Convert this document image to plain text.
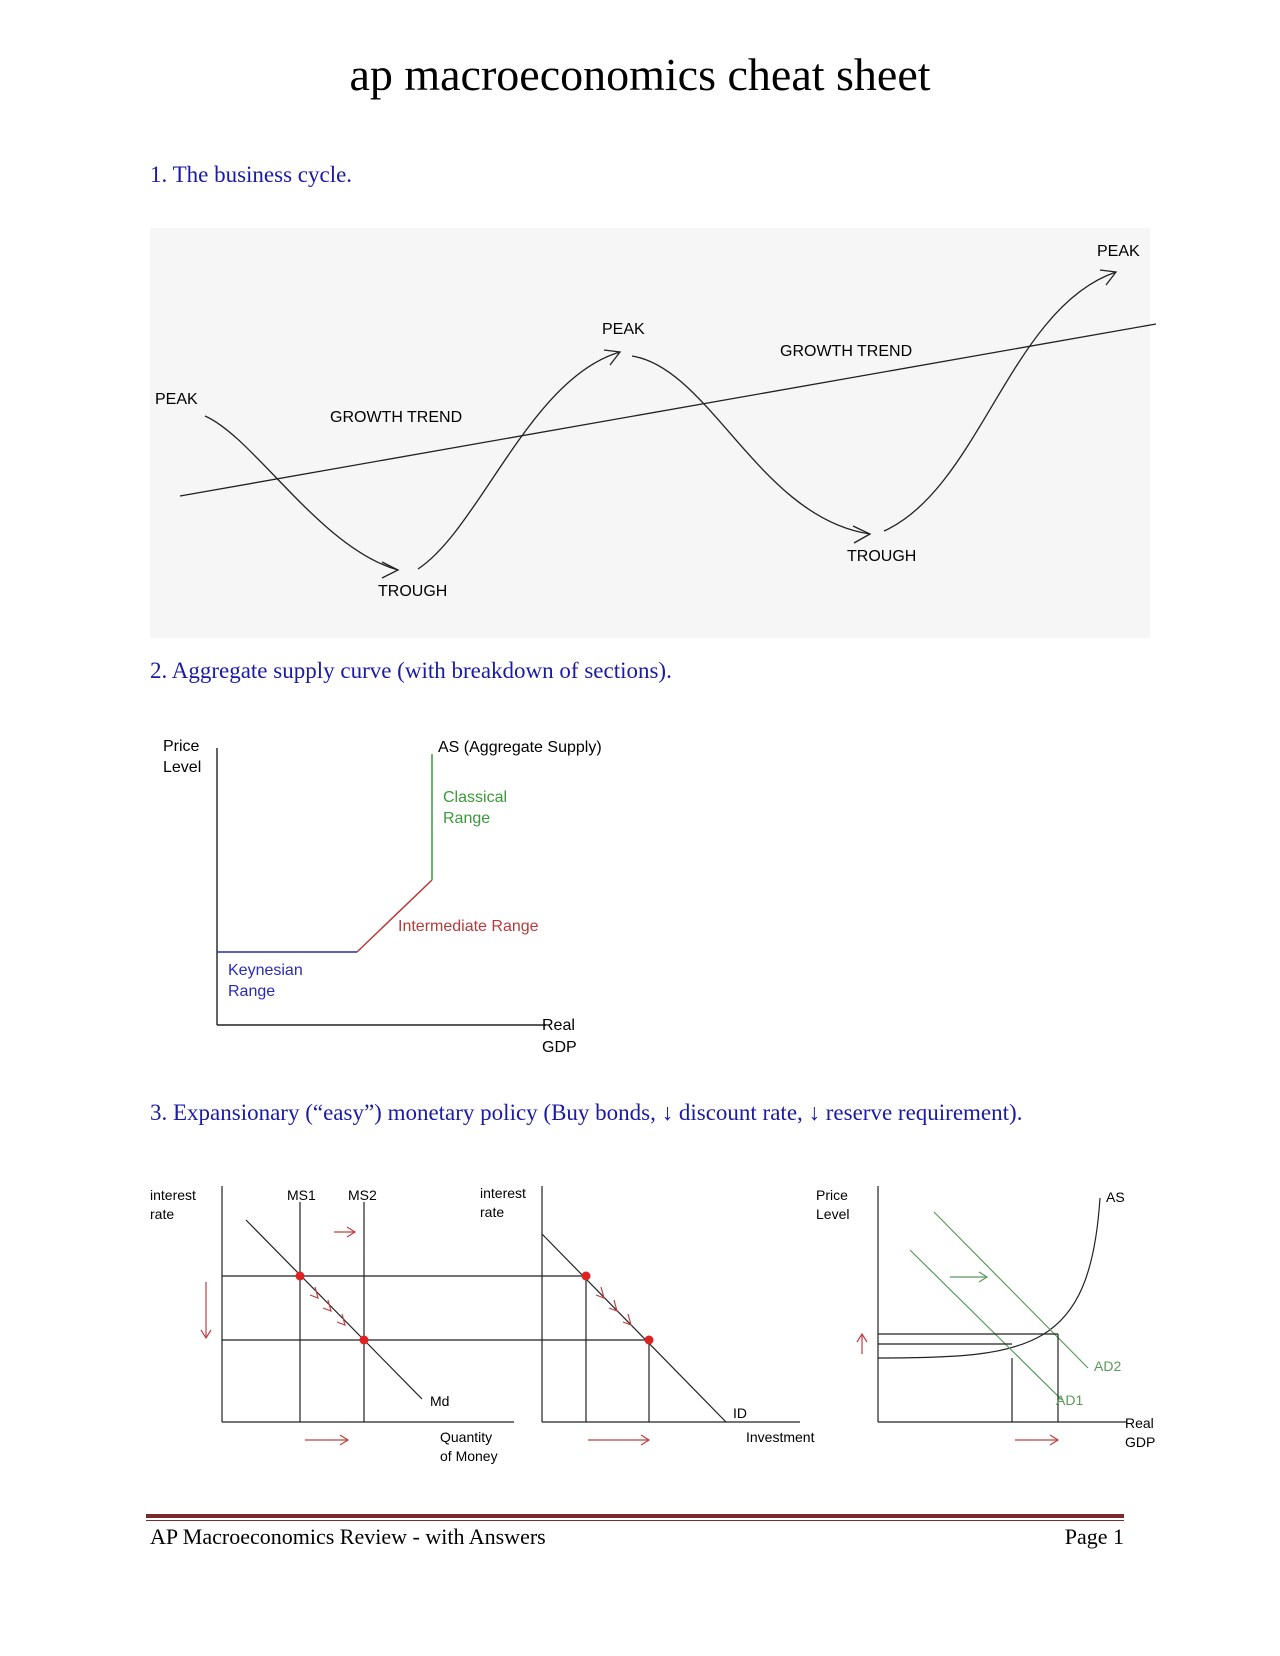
ap macroeconomics cheat sheet
1. The business cycle.
PEAK
PEAK
PEAK
TROUGH
TROUGH
GROWTH TREND
GROWTH TREND
2. Aggregate supply curve (with breakdown of sections).
Price
Level
Real
GDP
AS (Aggregate Supply)
Classical
Range
Intermediate Range
Keynesian
Range
3. Expansionary (“easy”) monetary policy (Buy bonds, ↓ discount rate, ↓ reserve requirement).
interest
rate
MS1 MS2
Md
Quantity
of Money
interest
rate
ID
Investment
Price
Level
AS
AD2
AD1
Real
GDP
AP Macroeconomics Review - with Answers	Page 1
